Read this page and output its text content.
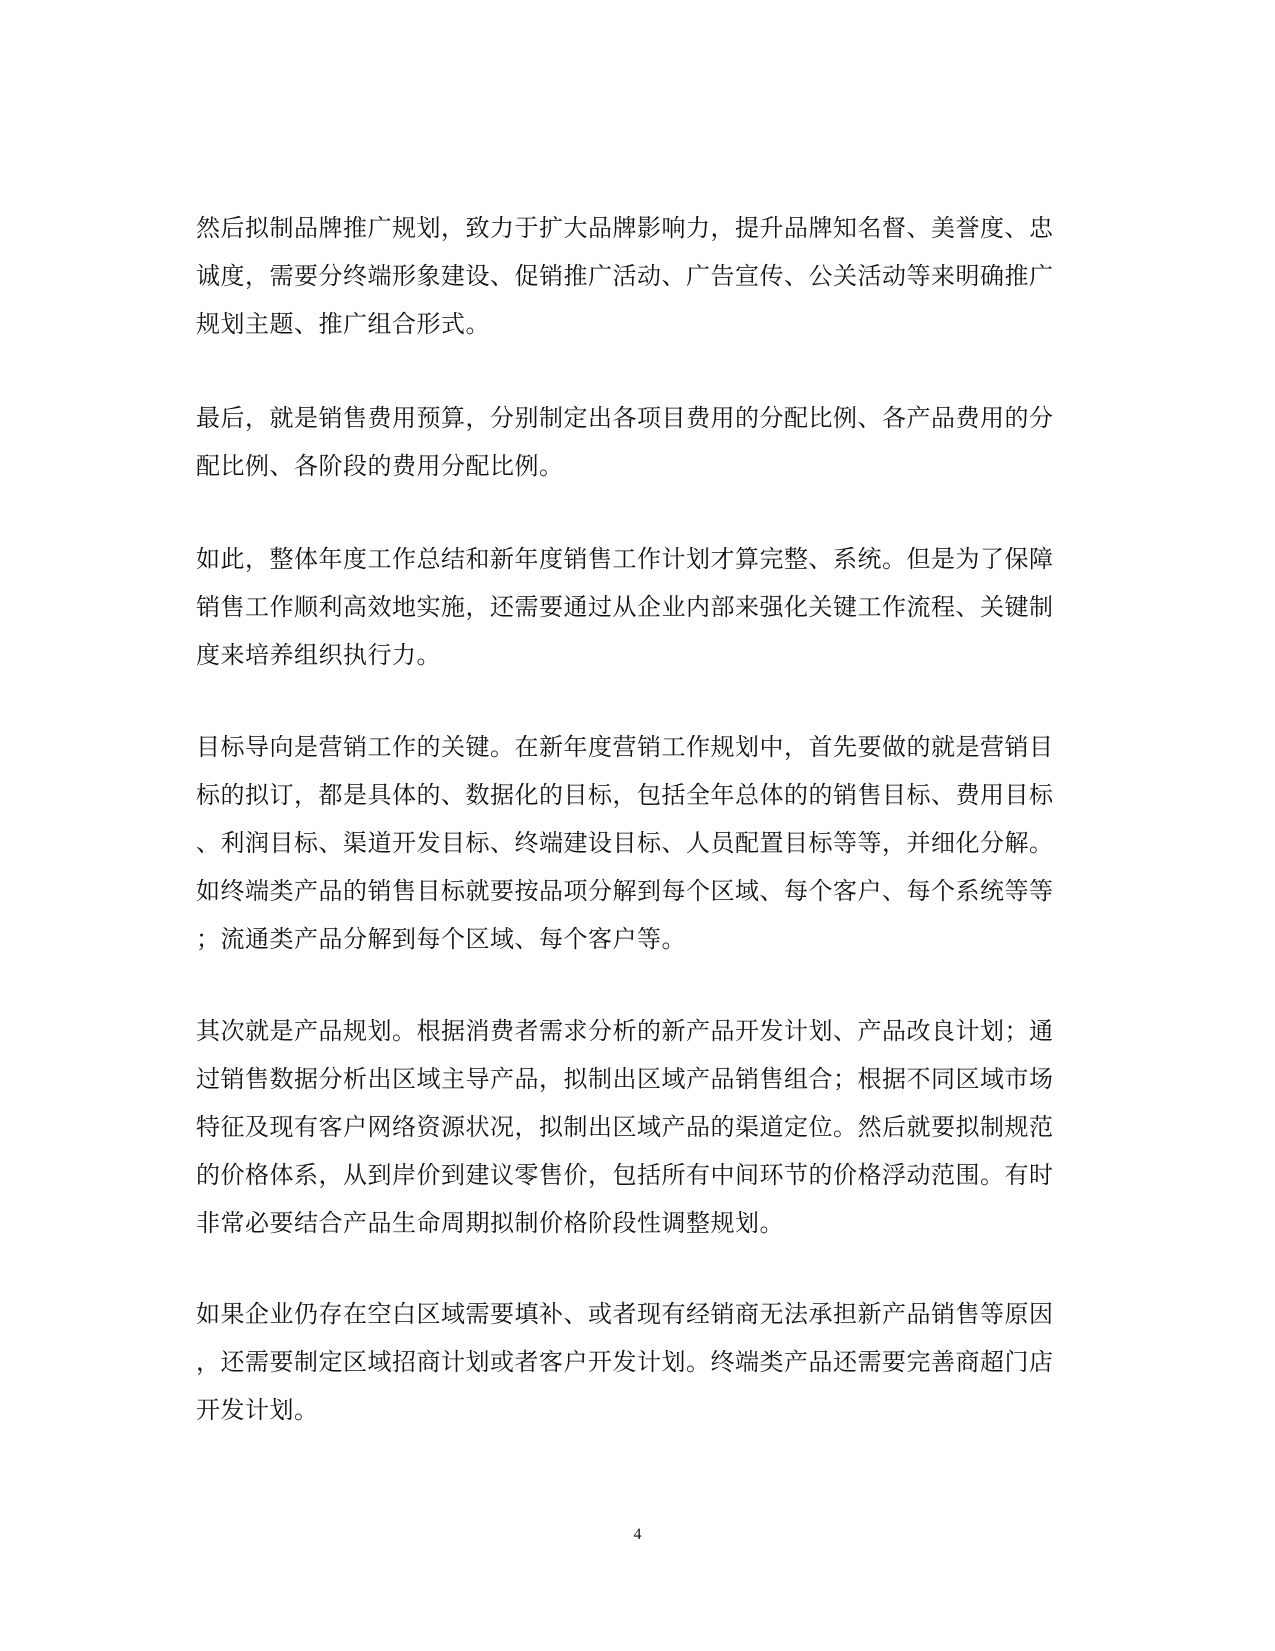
然后拟制品牌推广规划，致力于扩大品牌影响力，提升品牌知名督、美誉度、忠
诚度，需要分终端形象建设、促销推广活动、广告宣传、公关活动等来明确推广
规划主题、推广组合形式。
最后，就是销售费用预算，分别制定出各项目费用的分配比例、各产品费用的分
配比例、各阶段的费用分配比例。
如此，整体年度工作总结和新年度销售工作计划才算完整、系统。但是为了保障
销售工作顺利高效地实施，还需要通过从企业内部来强化关键工作流程、关键制
度来培养组织执行力。
目标导向是营销工作的关键。在新年度营销工作规划中，首先要做的就是营销目
标的拟订，都是具体的、数据化的目标，包括全年总体的的销售目标、费用目标
、利润目标、渠道开发目标、终端建设目标、人员配置目标等等，并细化分解。
如终端类产品的销售目标就要按品项分解到每个区域、每个客户、每个系统等等
；流通类产品分解到每个区域、每个客户等。
其次就是产品规划。根据消费者需求分析的新产品开发计划、产品改良计划；通
过销售数据分析出区域主导产品，拟制出区域产品销售组合；根据不同区域市场
特征及现有客户网络资源状况，拟制出区域产品的渠道定位。然后就要拟制规范
的价格体系，从到岸价到建议零售价，包括所有中间环节的价格浮动范围。有时
非常必要结合产品生命周期拟制价格阶段性调整规划。
如果企业仍存在空白区域需要填补、或者现有经销商无法承担新产品销售等原因
，还需要制定区域招商计划或者客户开发计划。终端类产品还需要完善商超门店
开发计划。
4
